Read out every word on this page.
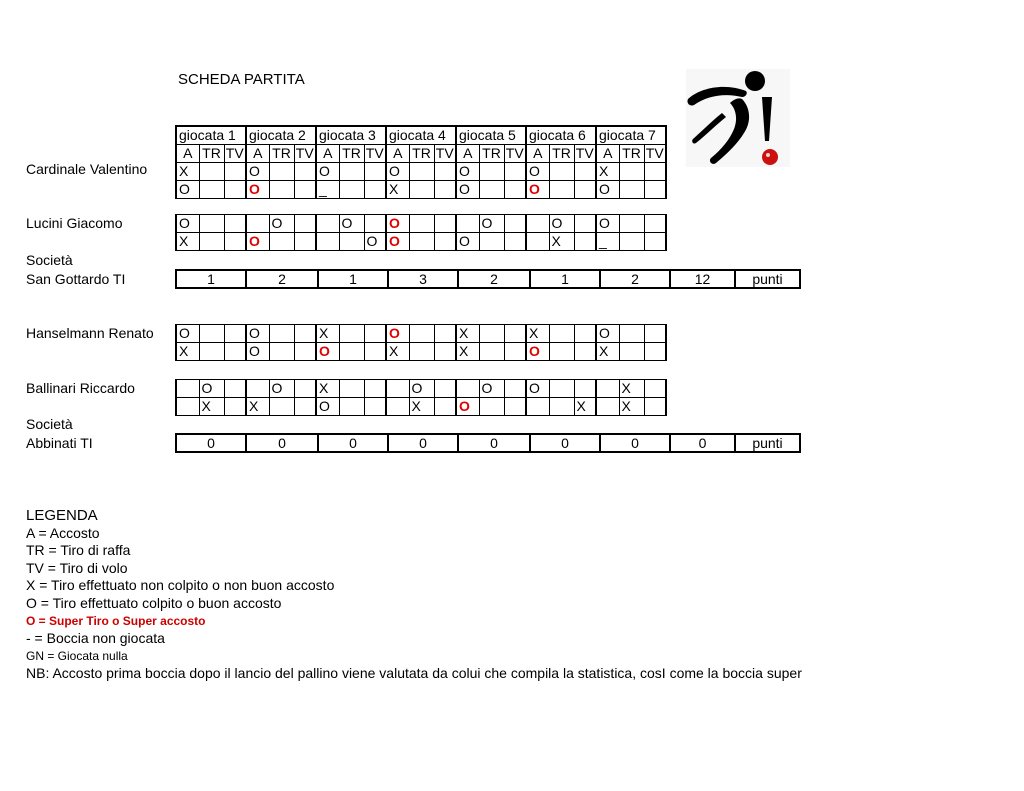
SCHEDA PARTITA
Cardinale Valentino
Lucini Giacomo
Società
San Gottardo TI
giocata 1			giocata 2			giocata 3			giocata 4			giocata 5			giocata 6			giocata 7		
A	TR	TV	A	TR	TV	A	TR	TV	A	TR	TV	A	TR	TV	A	TR	TV	A	TR	TV
X			O			O			O			O			O			X		
O			O			_			X			O			O			O		
O				O			O		O				O			O		O		
X			O					O	O			O				X		_		
1	2	1	3	2	1	2	12	punti
Hanselmann Renato
Ballinari Riccardo
Società
Abbinati TI
O			O			X			O			X			X			O		
X			O			O			X			X			O			X		
	O			O		X				O			O		O				X	
	X		X			O				X		O					X		X	
0	0	0	0	0	0	0	0	punti
LEGENDA
A = Accosto
TR = Tiro di raffa
TV = Tiro di volo
X = Tiro effettuato non colpito o non buon accosto
O = Tiro effettuato colpito o buon accosto
O = Super Tiro o Super accosto
- = Boccia non giocata
GN = Giocata nulla
NB: Accosto prima boccia dopo il lancio del pallino viene valutata da colui che compila la statistica, cosI come la boccia super
